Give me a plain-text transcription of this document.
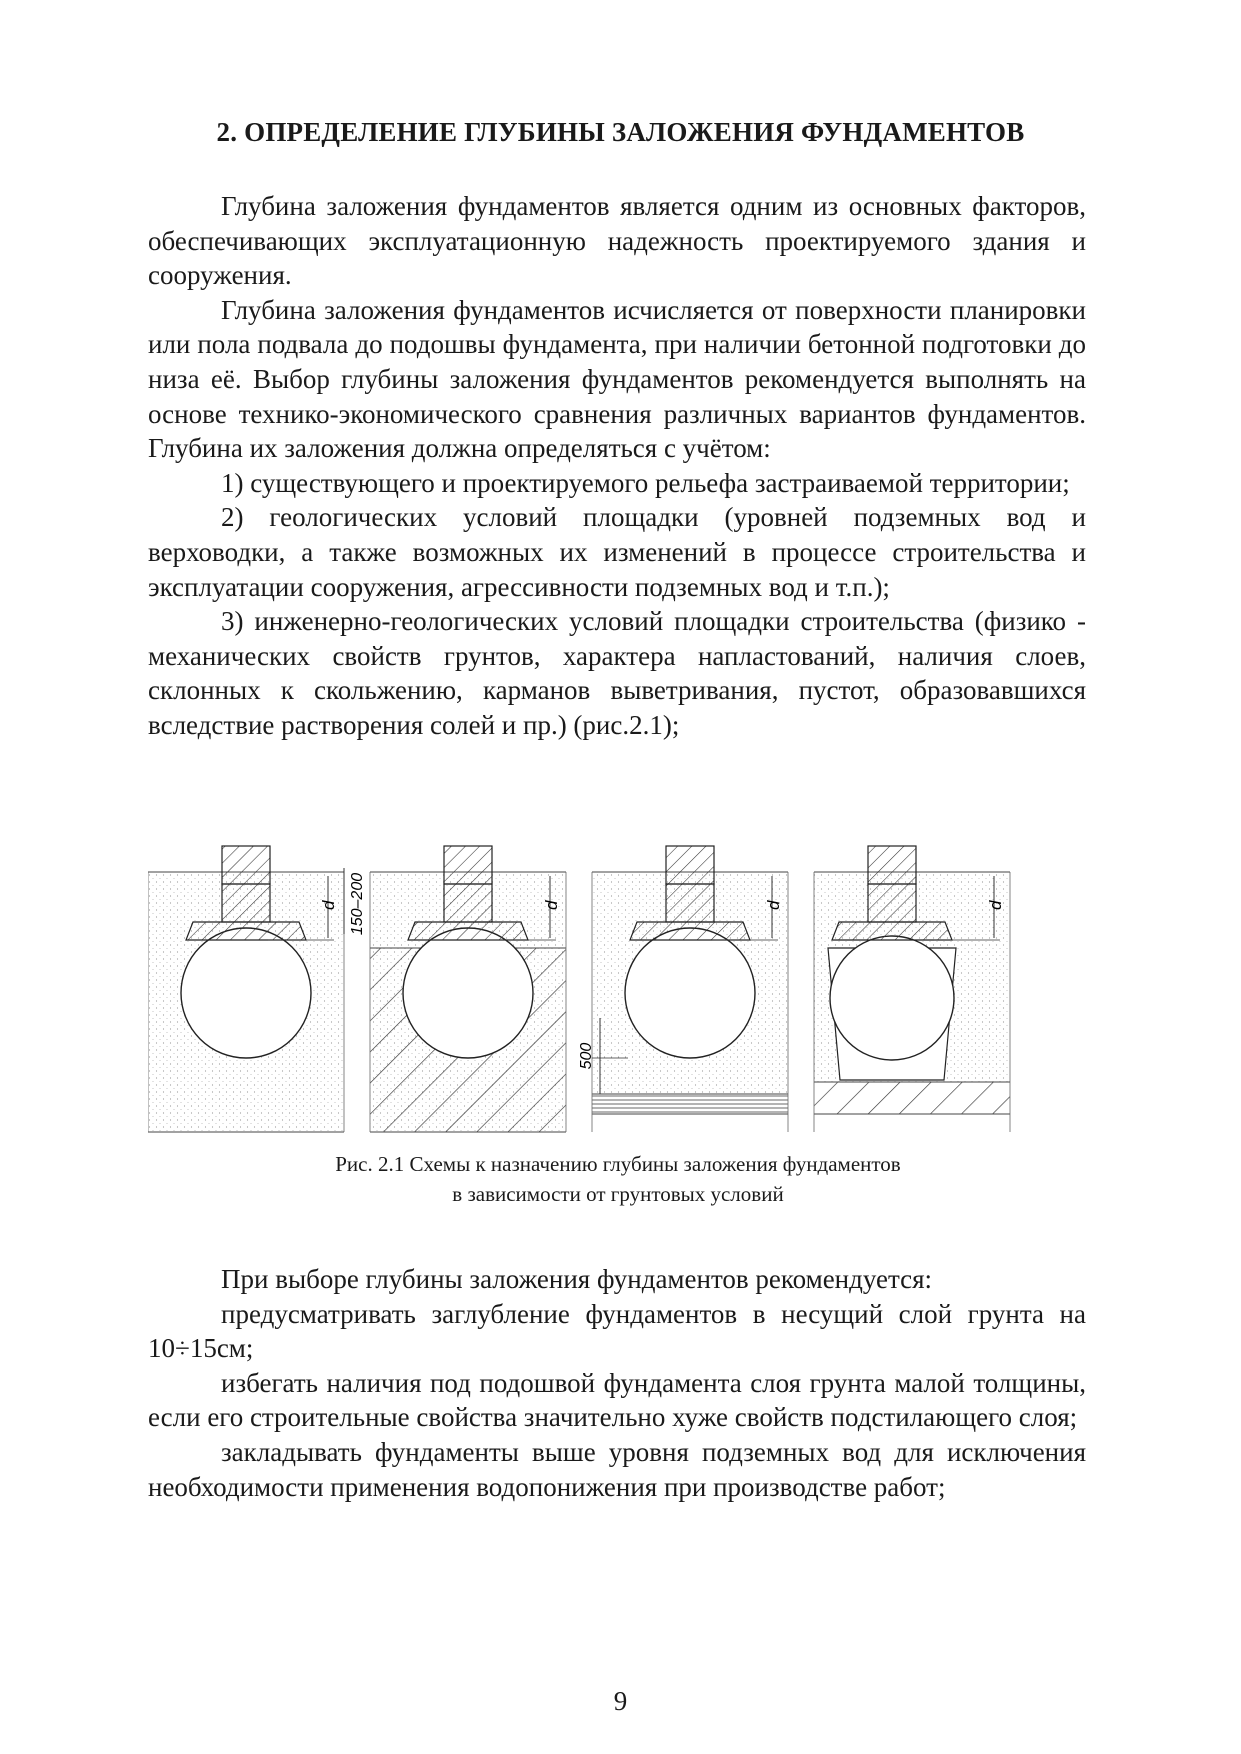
2. ОПРЕДЕЛЕНИЕ ГЛУБИНЫ ЗАЛОЖЕНИЯ ФУНДАМЕНТОВ

Глубина заложения фундаментов является одним из основных факторов, обеспечивающих эксплуатационную надежность проектируемого здания и сооружения.

Глубина заложения фундаментов исчисляется от поверхности планировки или пола подвала до подошвы фундамента, при наличии бетонной подготовки до низа её. Выбор глубины заложения фундаментов рекомендуется выполнять на основе технико-экономического сравнения различных вариантов фундаментов. Глубина их заложения должна определяться с учётом:

1) существующего и проектируемого рельефа застраиваемой территории;

2) геологических условий площадки (уровней подземных вод и верховодки, а также возможных их изменений в процессе строительства и эксплуатации сооружения, агрессивности подземных вод и т.п.);

3) инженерно-геологических условий площадки строительства (физико - механических свойств грунтов, характера напластований, наличия слоев, склонных к скольжению, карманов выветривания, пустот, образовавшихся вследствие растворения солей и пр.) (рис.2.1);

d 150–200	d	d
500
d

Рис. 2.1 Схемы к назначению глубины заложения фундаментов
в зависимости от грунтовых условий

При выборе глубины заложения фундаментов рекомендуется:

предусматривать заглубление фундаментов в несущий слой грунта на 10÷15см;

избегать наличия под подошвой фундамента слоя грунта малой толщины, если его строительные свойства значительно хуже свойств подстилающего слоя;

закладывать фундаменты выше уровня подземных вод для исключения необходимости применения водопонижения при производстве работ;

9
